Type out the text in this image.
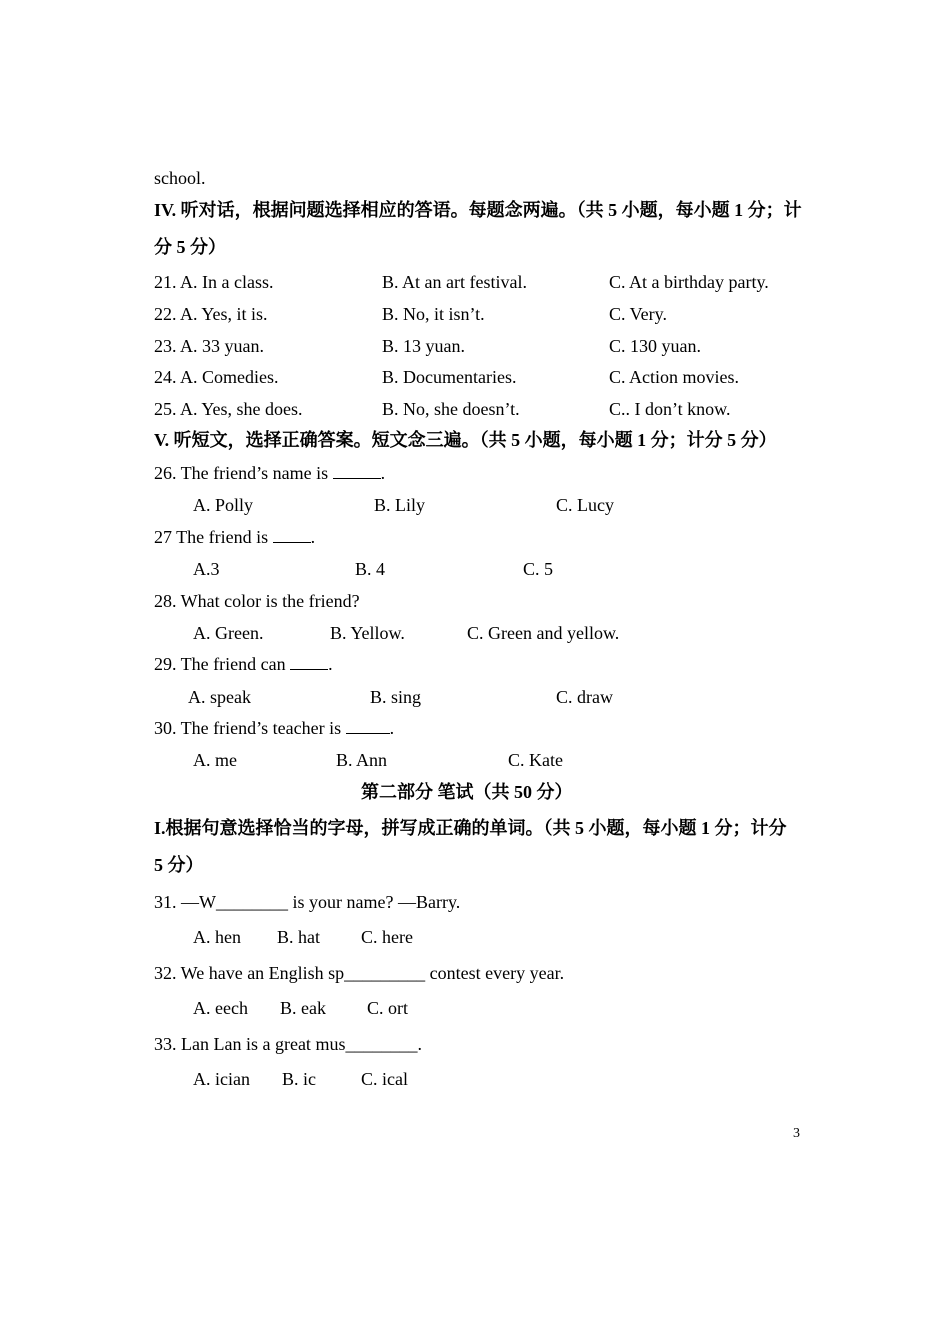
school.
IV. 听对话，根据问题选择相应的答语。每题念两遍。（共 5 小题，每小题 1 分；计
分 5 分）
21. A. In a class.	B. At an art festival.	C. At a birthday party.
22. A. Yes, it is.	B. No, it isn’t.	C. Very.
23. A. 33 yuan.	B. 13 yuan.	C. 130 yuan.
24. A. Comedies.	B. Documentaries.	C. Action movies.
25. A. Yes, she does.	B. No, she doesn’t.	C.. I don’t know.
V. 听短文，选择正确答案。短文念三遍。（共 5 小题，每小题 1 分；计分 5 分）
26. The friend’s name is	.
A. Polly	B. Lily	C. Lucy
27 The friend is .
A.3	B. 4	C. 5
28. What color is the friend?
A. Green.	B. Yellow.	C. Green and yellow.
29. The friend can .
A. speak	B. sing	C. draw
30. The friend’s teacher is .
A. me	B. Ann	C. Kate
第二部分 笔试（共 50 分）
I.根据句意选择恰当的字母，拼写成正确的单词。（共 5 小题，每小题 1 分；计分
5 分）
31. —W________ is your name? —Barry.
A. hen B. hat C. here
32. We have an English sp_________ contest every year.
A. eech B. eak C. ort
33. Lan Lan is a great mus________.
A. ician B. ic	C. ical
3
